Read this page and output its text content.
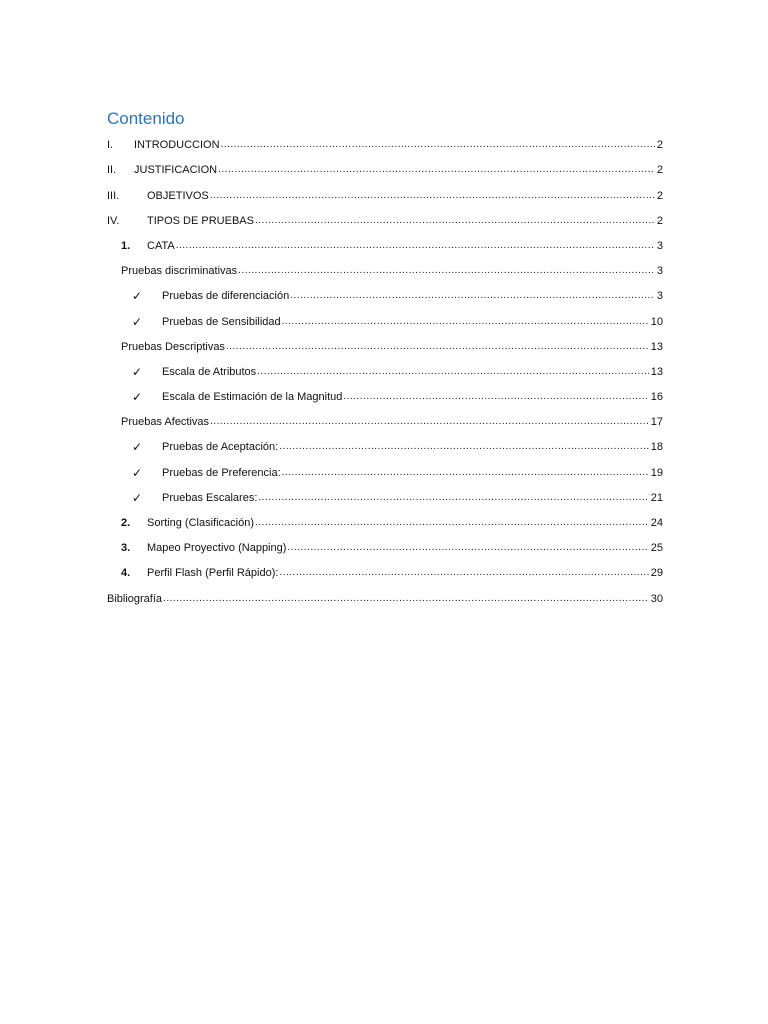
Contenido
I.	INTRODUCCION .....	2
II.	JUSTIFICACION .....	2
III.	OBJETIVOS .....	2
IV.	TIPOS DE PRUEBAS .....	2
1.	CATA .....	3
Pruebas discriminativas .....	3
✓	Pruebas de diferenciación .....	3
✓	Pruebas de Sensibilidad .....	10
Pruebas Descriptivas .....	13
✓	Escala de Atributos .....	13
✓	Escala de Estimación de la Magnitud .....	16
Pruebas Afectivas .....	17
✓	Pruebas de Aceptación: .....	18
✓	Pruebas de Preferencia: .....	19
✓	Pruebas Escalares: .....	21
2.	Sorting (Clasificación) .....	24
3.	Mapeo Proyectivo (Napping) .....	25
4.	Perfil Flash (Perfil Rápido): .....	29
Bibliografía .....	30
